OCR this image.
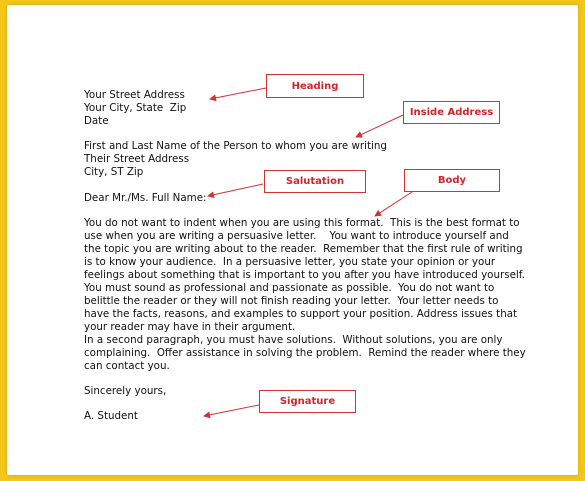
Your Street Address
Your City, State  Zip
Date
First and Last Name of the Person to whom you are writing
Their Street Address
City, ST Zip
Dear Mr./Ms. Full Name:
You do not want to indent when you are using this format.  This is the best format to
use when you are writing a persuasive letter.    You want to introduce yourself and
the topic you are writing about to the reader.  Remember that the first rule of writing
is to know your audience.  In a persuasive letter, you state your opinion or your
feelings about something that is important to you after you have introduced yourself.
You must sound as professional and passionate as possible.  You do not want to
belittle the reader or they will not finish reading your letter.  Your letter needs to
have the facts, reasons, and examples to support your position. Address issues that
your reader may have in their argument.
In a second paragraph, you must have solutions.  Without solutions, you are only
complaining.  Offer assistance in solving the problem.  Remind the reader where they
can contact you.
Sincerely yours,
A. Student
Heading
Inside Address
Salutation	Body
Signature
